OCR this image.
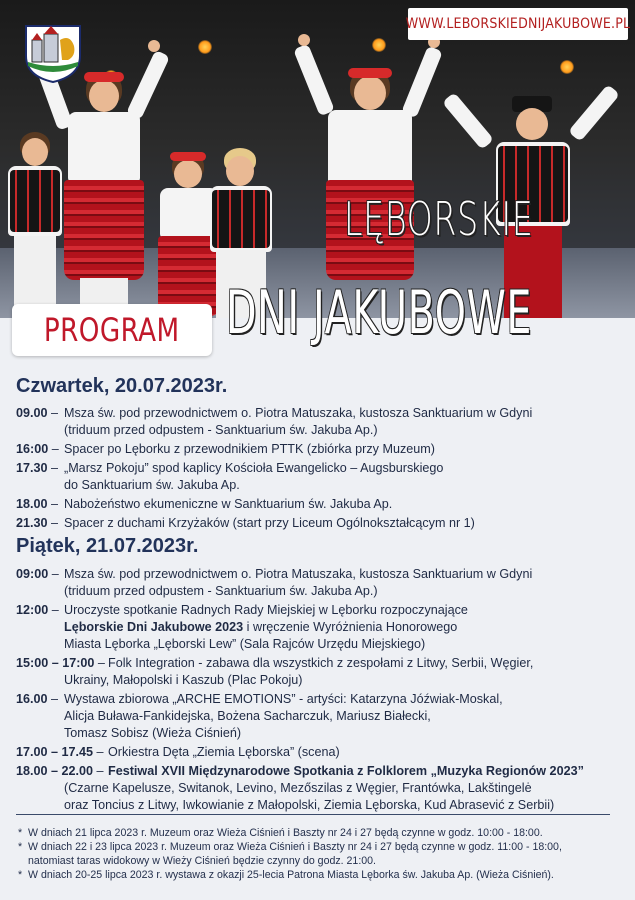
WWW.LEBORSKIEDNIJAKUBOWE.PL
LĘBORSKIE
DNI JAKUBOWE
PROGRAM
Czwartek, 20.07.2023r.
09.00 – Msza św. pod przewodnictwem o. Piotra Matuszaka, kustosza Sanktuarium w Gdyni
(triduum przed odpustem - Sanktuarium św. Jakuba Ap.)
16:00 – Spacer po Lęborku z przewodnikiem PTTK (zbiórka przy Muzeum)
17.30 – „Marsz Pokoju” spod kaplicy Kościoła Ewangelicko – Augsburskiego
do Sanktuarium św. Jakuba Ap.
18.00 – Nabożeństwo ekumeniczne w Sanktuarium św. Jakuba Ap.
21.30 – Spacer z duchami Krzyżaków (start przy Liceum Ogólnokształcącym nr 1)
Piątek, 21.07.2023r.
09:00 – Msza św. pod przewodnictwem o. Piotra Matuszaka, kustosza Sanktuarium w Gdyni
(triduum przed odpustem - Sanktuarium św. Jakuba Ap.)
12:00 – Uroczyste spotkanie Radnych Rady Miejskiej w Lęborku rozpoczynające
Lęborskie Dni Jakubowe 2023 i wręczenie Wyróżnienia Honorowego
Miasta Lęborka „Lęborski Lew” (Sala Rajców Urzędu Miejskiego)
15:00 – 17:00 – Folk Integration - zabawa dla wszystkich z zespołami z Litwy, Serbii, Węgier,
Ukrainy, Małopolski i Kaszub (Plac Pokoju)
16.00 – Wystawa zbiorowa „ARCHE EMOTIONS” - artyści: Katarzyna Jóźwiak-Moskal,
Alicja Buława-Fankidejska, Bożena Sacharczuk, Mariusz Białecki,
Tomasz Sobisz (Wieża Ciśnień)
17.00 – 17.45 – Orkiestra Dęta „Ziemia Lęborska” (scena)
18.00 – 22.00 – Festiwal XVII Międzynarodowe Spotkania z Folklorem „Muzyka Regionów 2023”
(Czarne Kapelusze, Switanok, Levino, Mezőszilas z Węgier, Frantówka, Lakštingelė
oraz Toncius z Litwy, Iwkowianie z Małopolski, Ziemia Lęborska, Kud Abrasević z Serbii)
* W dniach 21 lipca 2023 r. Muzeum oraz Wieża Ciśnień i Baszty nr 24 i 27 będą czynne w godz. 10:00 - 18:00.
* W dniach 22 i 23 lipca 2023 r. Muzeum oraz Wieża Ciśnień i Baszty nr 24 i 27 będą czynne w godz. 11:00 - 18:00,
natomiast taras widokowy w Wieży Ciśnień będzie czynny do godz. 21:00.
* W dniach 20-25 lipca 2023 r. wystawa z okazji 25-lecia Patrona Miasta Lęborka św. Jakuba Ap. (Wieża Ciśnień).
